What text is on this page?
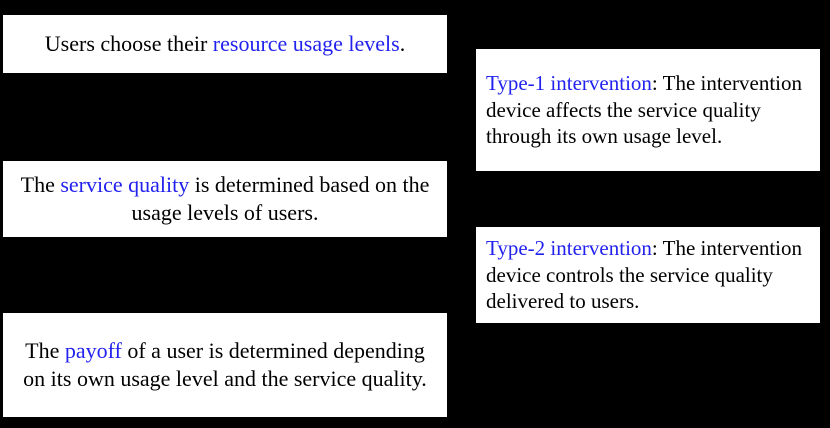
Users choose their resource usage levels.
The service quality is determined based on the usage levels of users.
The payoff of a user is determined depending on its own usage level and the service quality.
Type-1 intervention: The intervention device affects the service quality through its own usage level.
Type-2 intervention: The intervention device controls the service quality delivered to users.
